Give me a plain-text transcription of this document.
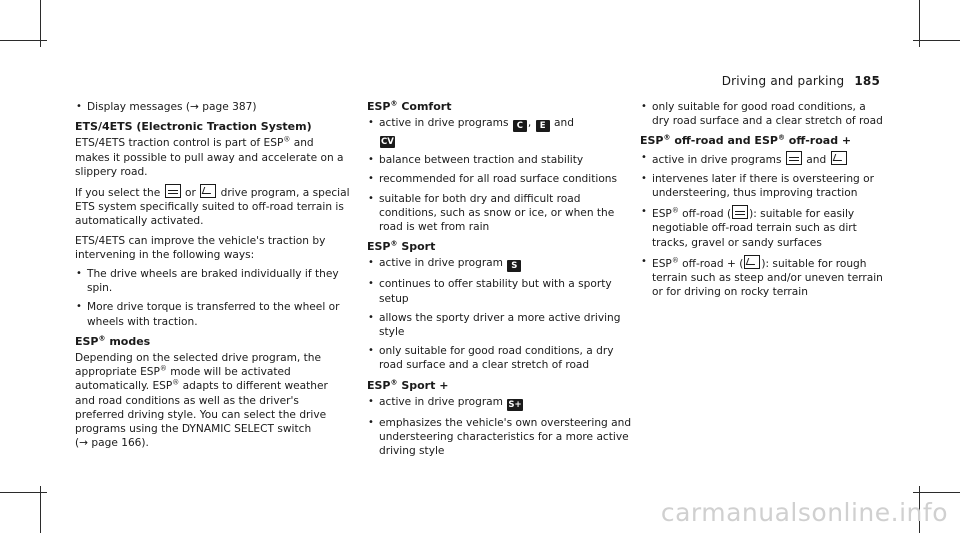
Driving and parking 185
• Display messages (→ page 387)
ETS/4ETS (Electronic Traction System)

ETS/4ETS traction control is part of ESP® and makes it possible to pull away and accelerate on a slippery road.

If you select the  or  drive program, a special ETS system specifically suited to off-road terrain is automatically activated.

ETS/4ETS can improve the vehicle's traction by intervening in the following ways:

• The drive wheels are braked individually if they spin.
• More drive torque is transferred to the wheel or wheels with traction.
ESP® modes

Depending on the selected drive program, the appropriate ESP® mode will be activated automatically. ESP® adapts to different weather and road conditions as well as the driver's preferred driving style. You can select the drive programs using the DYNAMIC SELECT switch
(→ page 166).

ESP® Comfort
• active in drive programs C , E and
CV
• balance between traction and stability
• recommended for all road surface conditions
• suitable for both dry and difficult road conditions, such as snow or ice, or when the road is wet from rain
ESP® Sport
• active in drive program S
• continues to offer stability but with a sporty setup
• allows the sporty driver a more active driving style
• only suitable for good road conditions, a dry road surface and a clear stretch of road
ESP® Sport +
• active in drive program S+
• emphasizes the vehicle's own oversteering and understeering characteristics for a more active driving style
• only suitable for good road conditions, a dry road surface and a clear stretch of road
ESP® off-road and ESP® off-road +
• active in drive programs  and
• intervenes later if there is oversteering or understeering, thus improving traction
• ESP® off-road ( ): suitable for easily negotiable off-road terrain such as dirt tracks, gravel or sandy surfaces
• ESP® off-road + ( ): suitable for rough terrain such as steep and/or uneven terrain or for driving on rocky terrain
carmanualsonline.info
